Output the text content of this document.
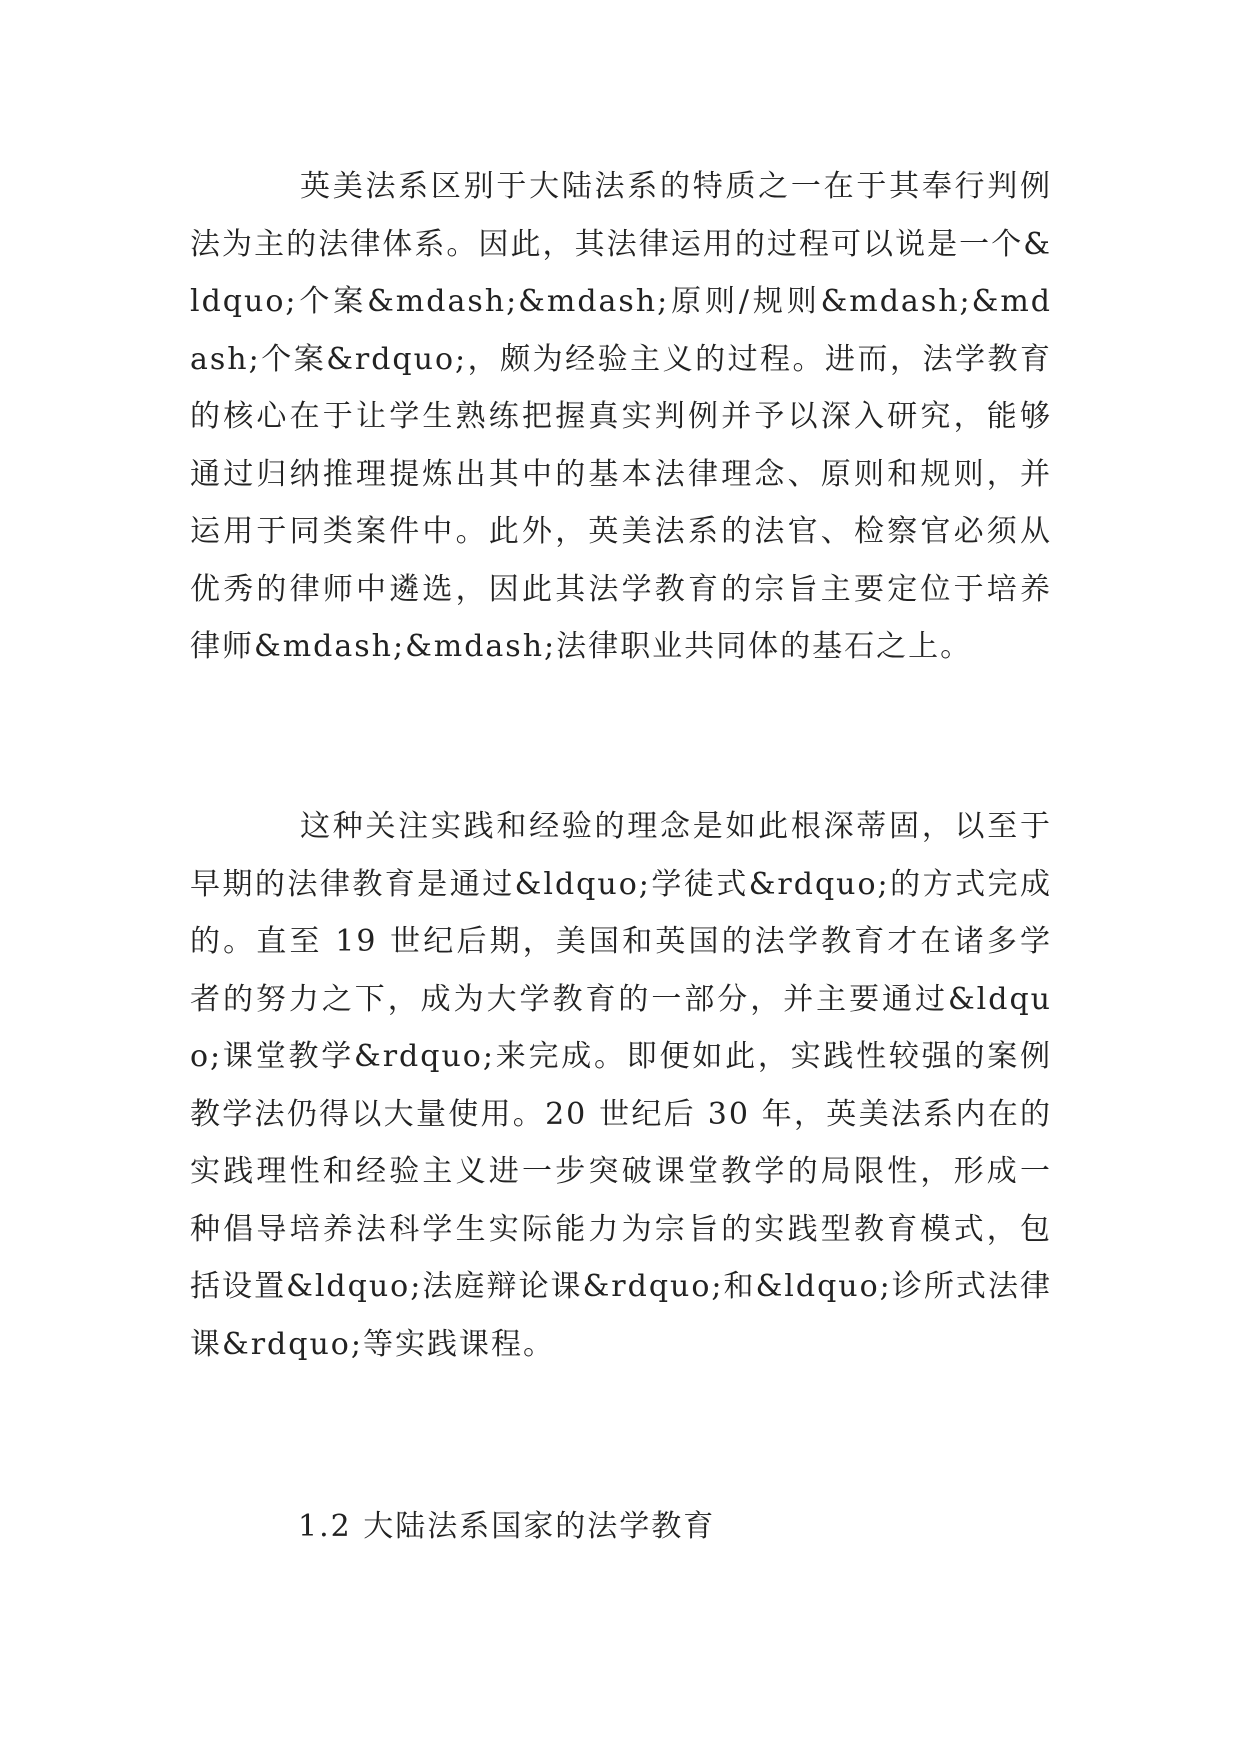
英美法系区别于大陆法系的特质之一在于其奉行判例法为主的法律体系。因此，其法律运用的过程可以说是一个&ldquo;个案&mdash;&mdash;原则/规则&mdash;&mdash;个案&rdquo;，颇为经验主义的过程。进而，法学教育的核心在于让学生熟练把握真实判例并予以深入研究，能够通过归纳推理提炼出其中的基本法律理念、原则和规则，并运用于同类案件中。此外，英美法系的法官、检察官必须从优秀的律师中遴选，因此其法学教育的宗旨主要定位于培养律师&mdash;&mdash;法律职业共同体的基石之上。

这种关注实践和经验的理念是如此根深蒂固，以至于早期的法律教育是通过&ldquo;学徒式&rdquo;的方式完成的。直至 19 世纪后期，美国和英国的法学教育才在诸多学者的努力之下，成为大学教育的一部分，并主要通过&ldquo;课堂教学&rdquo;来完成。即便如此，实践性较强的案例教学法仍得以大量使用。20 世纪后 30 年，英美法系内在的实践理性和经验主义进一步突破课堂教学的局限性，形成一种倡导培养法科学生实际能力为宗旨的实践型教育模式，包括设置&ldquo;法庭辩论课&rdquo;和&ldquo;诊所式法律课&rdquo;等实践课程。

1.2 大陆法系国家的法学教育
